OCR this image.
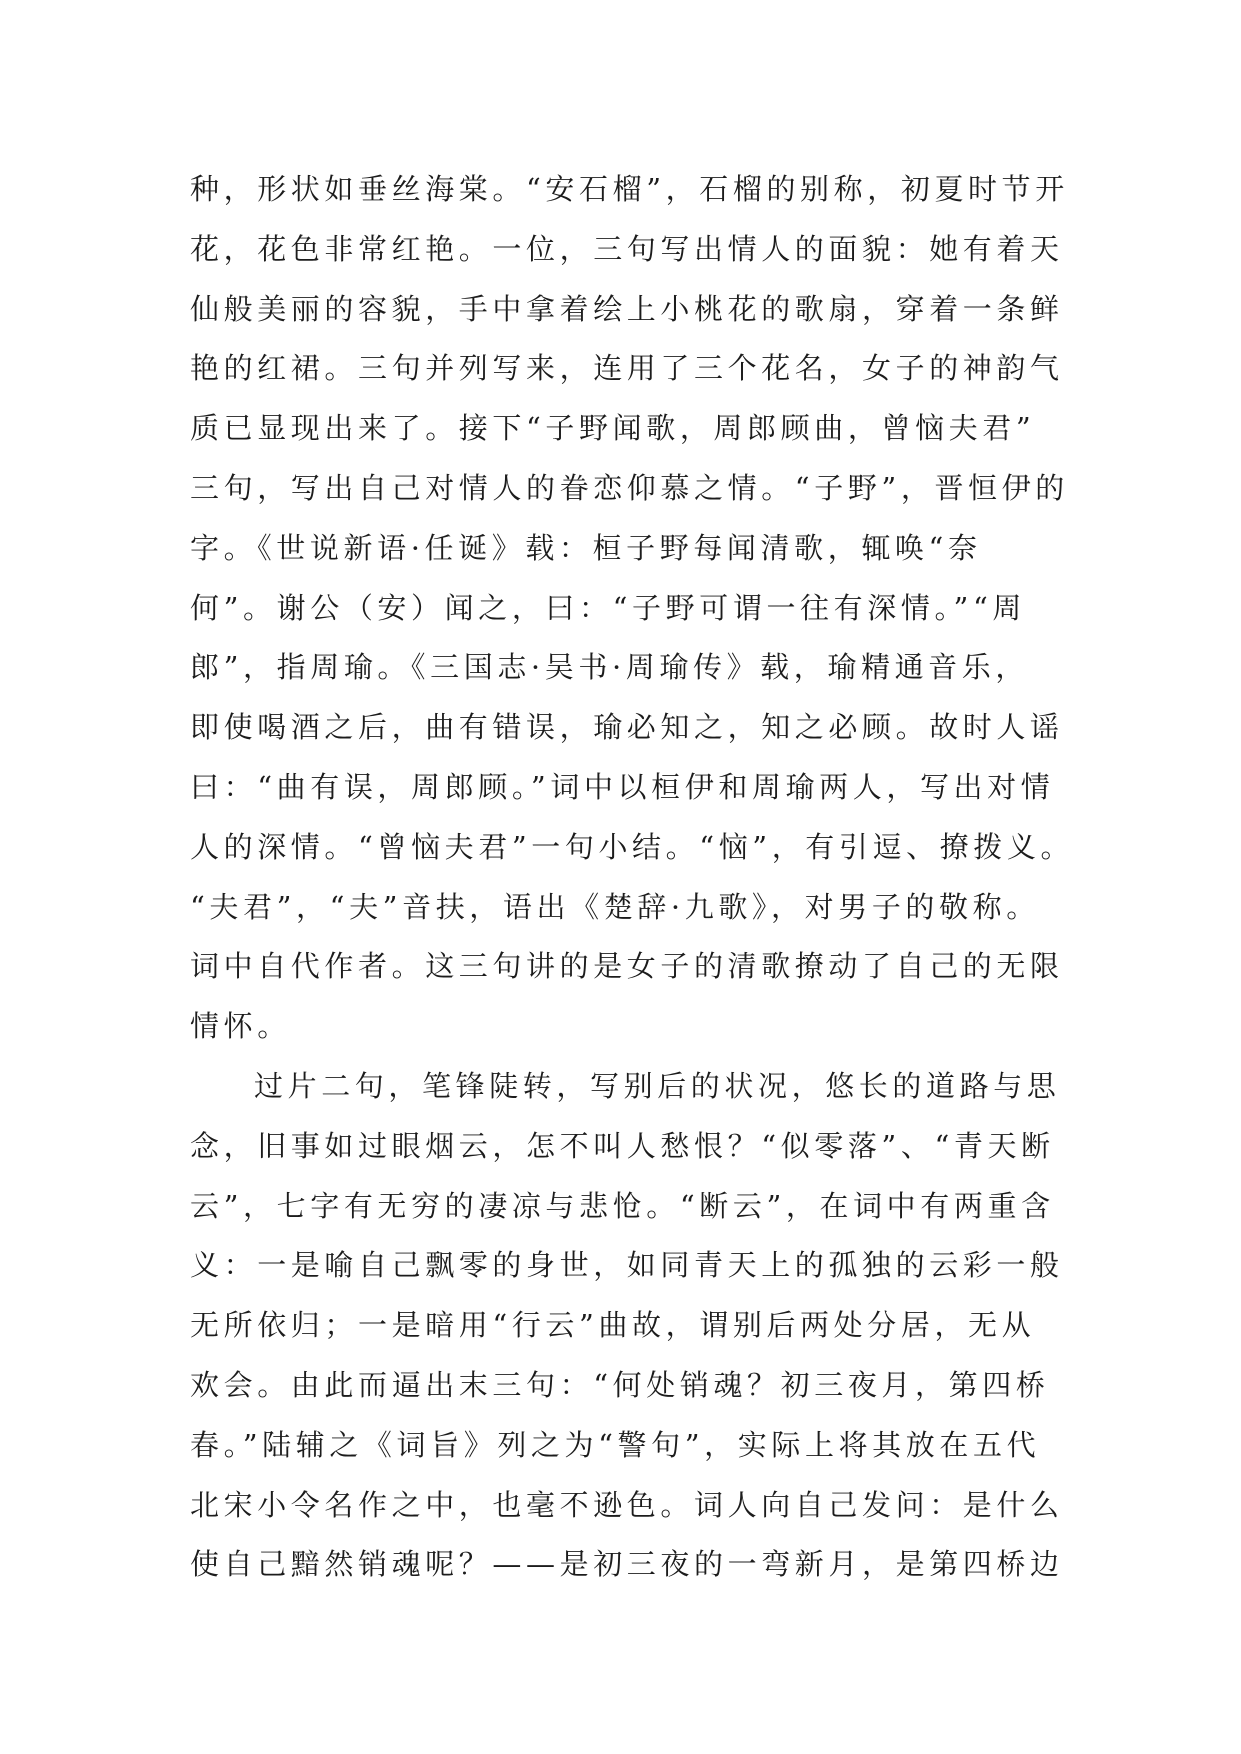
种，形状如垂丝海棠。“安石榴”，石榴的别称，初夏时节开
花，花色非常红艳。一位，三句写出情人的面貌：她有着天
仙般美丽的容貌，手中拿着绘上小桃花的歌扇，穿着一条鲜
艳的红裙。三句并列写来，连用了三个花名，女子的神韵气
质已显现出来了。接下“子野闻歌，周郎顾曲，曾恼夫君”
三句，写出自己对情人的眷恋仰慕之情。“子野”，晋恒伊的
字。《世说新语·任诞》载：桓子野每闻清歌，辄唤“奈
何”。谢公（安）闻之，曰：“子野可谓一往有深情。”“周
郎”，指周瑜。《三国志·吴书·周瑜传》载，瑜精通音乐，
即使喝酒之后，曲有错误，瑜必知之，知之必顾。故时人谣
曰：“曲有误，周郎顾。”词中以桓伊和周瑜两人，写出对情
人的深情。“曾恼夫君”一句小结。“恼”，有引逗、撩拨义。
“夫君”，“夫”音扶，语出《楚辞·九歌》，对男子的敬称。
词中自代作者。这三句讲的是女子的清歌撩动了自己的无限
情怀。
过片二句，笔锋陡转，写别后的状况，悠长的道路与思
念，旧事如过眼烟云，怎不叫人愁恨？“似零落”、“青天断
云”，七字有无穷的凄凉与悲怆。“断云”，在词中有两重含
义：一是喻自己飘零的身世，如同青天上的孤独的云彩一般
无所依归；一是暗用“行云”曲故，谓别后两处分居，无从
欢会。由此而逼出末三句：“何处销魂？初三夜月，第四桥
春。”陆辅之《词旨》列之为“警句”，实际上将其放在五代
北宋小令名作之中，也毫不逊色。词人向自己发问：是什么
使自己黯然销魂呢？——是初三夜的一弯新月，是第四桥边
